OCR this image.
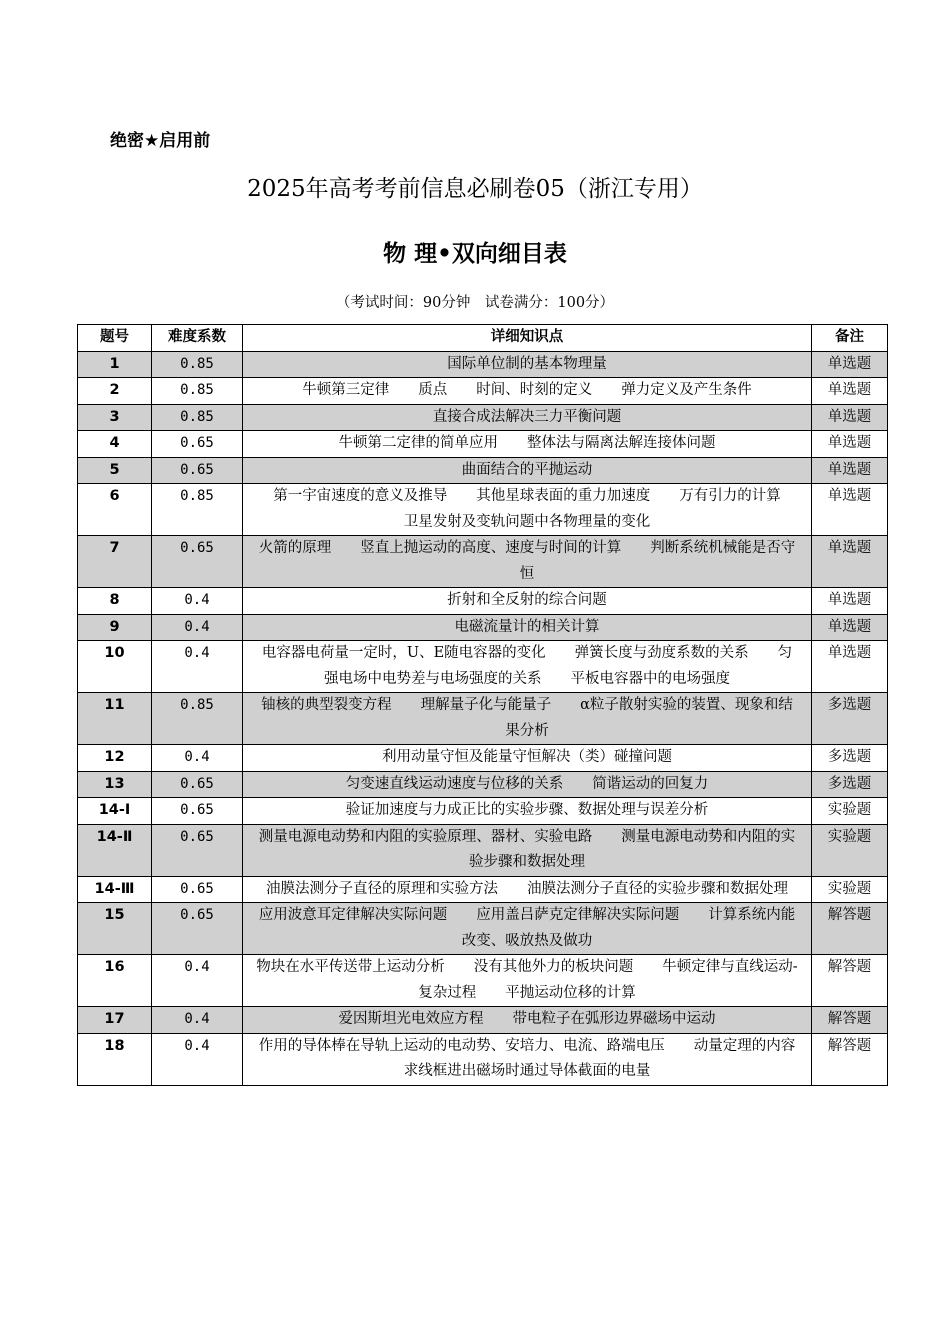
绝密★启用前
2025年高考考前信息必刷卷05（浙江专用）
物 理•双向细目表
（考试时间：90分钟　试卷满分：100分）
题号	难度系数	详细知识点	备注
1	0.85	国际单位制的基本物理量	单选题
2	0.85	牛顿第三定律　　质点　　时间、时刻的定义　　弹力定义及产生条件	单选题
3	0.85	直接合成法解决三力平衡问题	单选题
4	0.65	牛顿第二定律的简单应用　　整体法与隔离法解连接体问题	单选题
5	0.65	曲面结合的平抛运动	单选题
6	0.85	第一宇宙速度的意义及推导　　其他星球表面的重力加速度　　万有引力的计算　　卫星发射及变轨问题中各物理量的变化	单选题
7	0.65	火箭的原理　　竖直上抛运动的高度、速度与时间的计算　　判断系统机械能是否守恒	单选题
8	0.4	折射和全反射的综合问题	单选题
9	0.4	电磁流量计的相关计算	单选题
10	0.4	电容器电荷量一定时，U、E随电容器的变化　　弹簧长度与劲度系数的关系　　匀强电场中电势差与电场强度的关系　　平板电容器中的电场强度	单选题
11	0.85	铀核的典型裂变方程　　理解量子化与能量子　　α粒子散射实验的装置、现象和结果分析	多选题
12	0.4	利用动量守恒及能量守恒解决（类）碰撞问题	多选题
13	0.65	匀变速直线运动速度与位移的关系　　简谐运动的回复力	多选题
14-Ⅰ	0.65	验证加速度与力成正比的实验步骤、数据处理与误差分析	实验题
14-Ⅱ	0.65	测量电源电动势和内阻的实验原理、器材、实验电路　　测量电源电动势和内阻的实验步骤和数据处理	实验题
14-Ⅲ	0.65	油膜法测分子直径的原理和实验方法　　油膜法测分子直径的实验步骤和数据处理	实验题
15	0.65	应用波意耳定律解决实际问题　　应用盖吕萨克定律解决实际问题　　计算系统内能改变、吸放热及做功	解答题
16	0.4	物块在水平传送带上运动分析　　没有其他外力的板块问题　　牛顿定律与直线运动-复杂过程　　平抛运动位移的计算	解答题
17	0.4	爱因斯坦光电效应方程　　带电粒子在弧形边界磁场中运动	解答题
18	0.4	作用的导体棒在导轨上运动的电动势、安培力、电流、路端电压　　动量定理的内容　　求线框进出磁场时通过导体截面的电量	解答题
